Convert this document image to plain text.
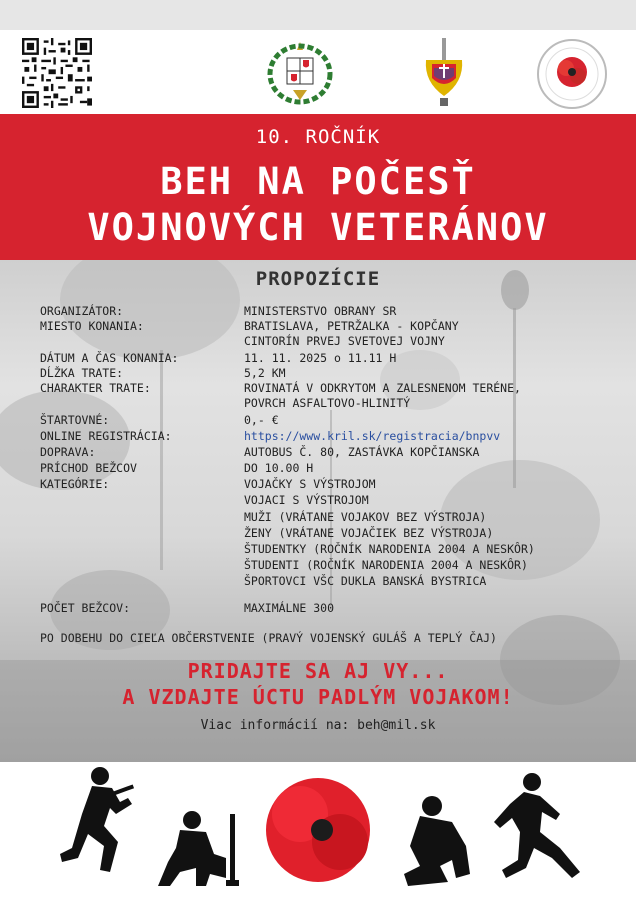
10. ROČNÍK
BEH NA POČESŤ
VOJNOVÝCH VETERÁNOV
PROPOZÍCIE
ORGANIZÁTOR:	MINISTERSTVO OBRANY SR
MIESTO KONANIA:	BRATISLAVA, PETRŽALKA - KOPČANY
CINTORÍN PRVEJ SVETOVEJ VOJNY
DÁTUM A ČAS KONANIA:	11. 11. 2025 o 11.11 H
DĹŽKA TRATE:	5,2 KM
CHARAKTER TRATE:	ROVINATÁ V ODKRYTOM A ZALESNENOM TERÉNE,
POVRCH ASFALTOVO-HLINITÝ
ŠTARTOVNÉ:	0,- €
ONLINE REGISTRÁCIA:	https://www.kril.sk/registracia/bnpvv
DOPRAVA:	AUTOBUS Č. 80, ZASTÁVKA KOPČIANSKA
PRÍCHOD BEŽCOV	DO 10.00 H
KATEGÓRIE:	VOJAČKY S VÝSTROJOM
VOJACI S VÝSTROJOM
MUŽI (VRÁTANE VOJAKOV BEZ VÝSTROJA)
ŽENY (VRÁTANE VOJAČIEK BEZ VÝSTROJA)
ŠTUDENTKY (ROČNÍK NARODENIA 2004 A NESKÔR)
ŠTUDENTI (ROČNÍK NARODENIA 2004 A NESKÔR)
ŠPORTOVCI VŠC DUKLA BANSKÁ BYSTRICA
POČET BEŽCOV:	MAXIMÁLNE 300
PO DOBEHU DO CIEĽA OBČERSTVENIE (PRAVÝ VOJENSKÝ GULÁŠ A TEPLÝ ČAJ)
PRIDAJTE SA AJ VY...
A VZDAJTE ÚCTU PADLÝM VOJAKOM!
Viac informácií na: beh@mil.sk
